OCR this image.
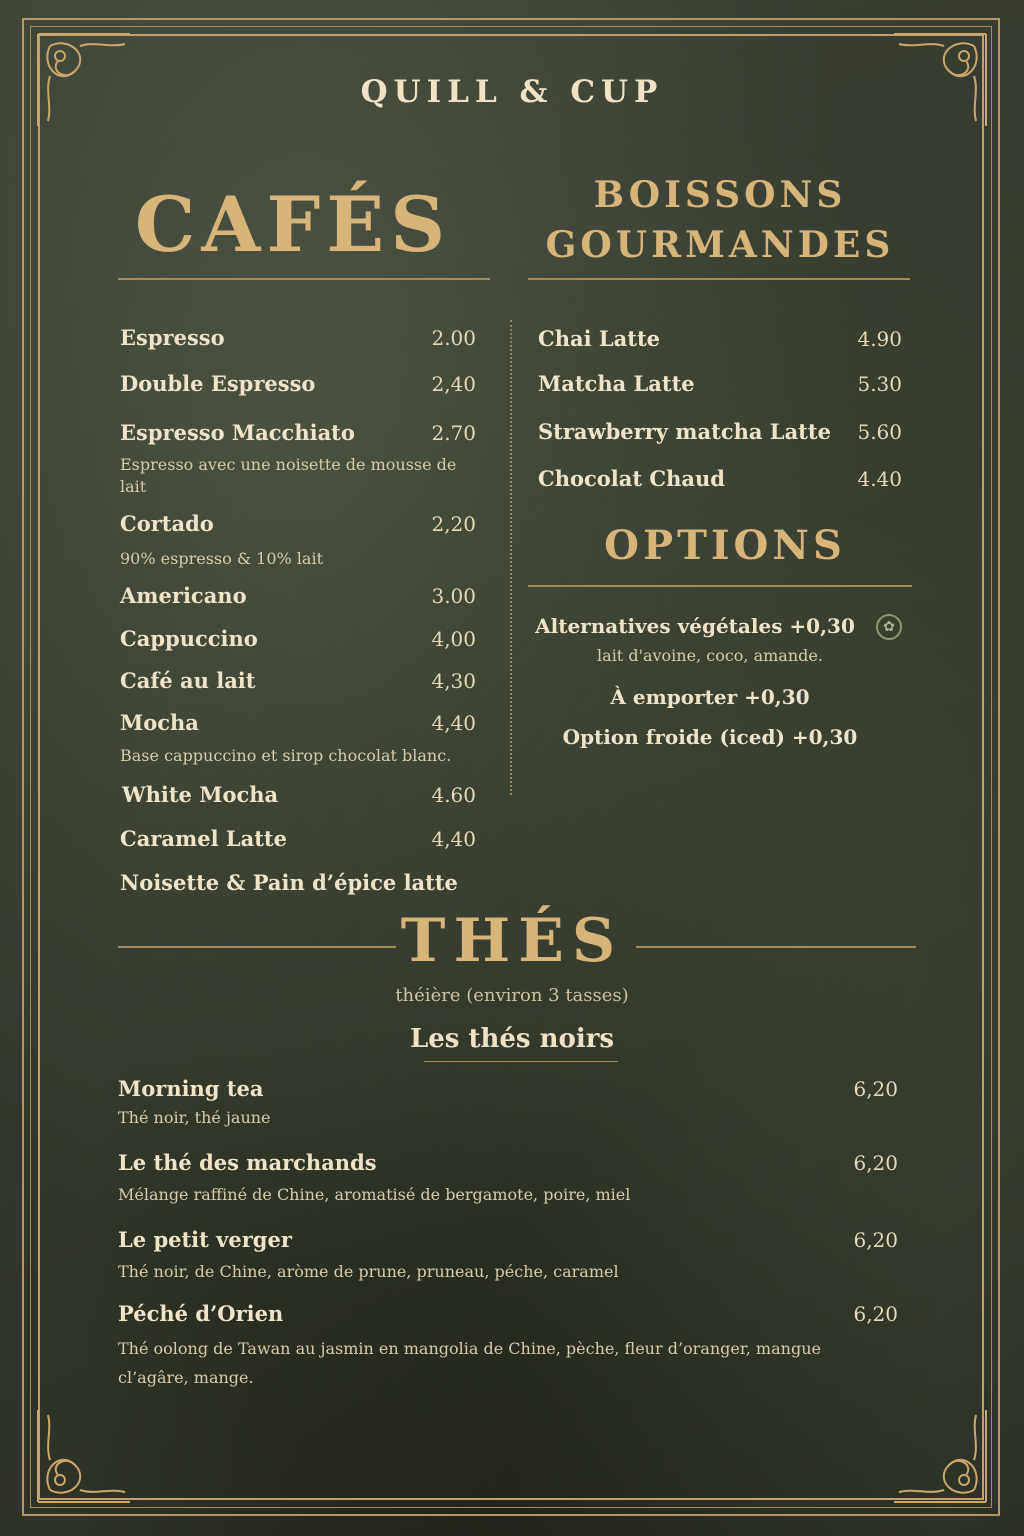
QUILL & CUP
CAFÉS
Espresso	2.00
Double Espresso	2,40
Espresso Macchiato	2.70
Espresso avec une noisette de mousse de lait
Cortado	2,20
90% espresso & 10% lait
Americano	3.00
Cappuccino	4,00
Café au lait	4,30
Mocha	4,40
Base cappuccino et sirop chocolat blanc.
White Mocha	4.60
Caramel Latte	4,40
Noisette & Pain d’épice latte
BOISSONS
GOURMANDES
Chai Latte	4.90
Matcha Latte	5.30
Strawberry matcha Latte 5.60
Chocolat Chaud	4.40
OPTIONS
Alternatives végétales +0,30	✿
lait d'avoine, coco, amande.
À emporter +0,30
Option froide (iced) +0,30
THÉS
théière (environ 3 tasses)
Les thés noirs
Morning tea	6,20
Thé noir, thé jaune
Le thé des marchands	6,20
Mélange raffiné de Chine, aromatisé de bergamote, poire, miel
Le petit verger	6,20
Thé noir, de Chine, aròme de prune, pruneau, péche, caramel
Péché d’Orien	6,20
Thé oolong de Tawan au jasmin en mangolia de Chine, pèche, fleur d’oranger, mangue cl’agâre, mange.
